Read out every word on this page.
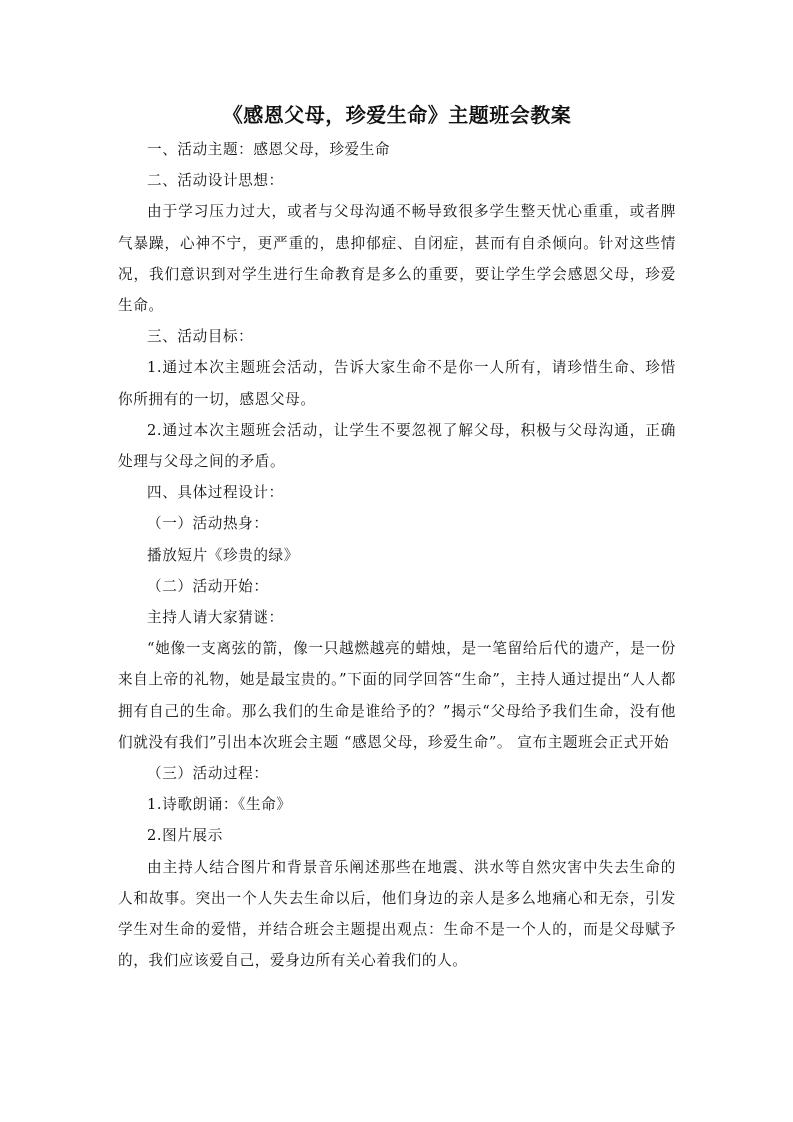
《感恩父母，珍爱生命》主题班会教案

一、活动主题：感恩父母，珍爱生命

二、活动设计思想：

由于学习压力过大，或者与父母沟通不畅导致很多学生整天忧心重重，或者脾气暴躁，心神不宁，更严重的，患抑郁症、自闭症，甚而有自杀倾向。针对这些情况，我们意识到对学生进行生命教育是多么的重要，要让学生学会感恩父母，珍爱生命。

三、活动目标：

1.通过本次主题班会活动，告诉大家生命不是你一人所有，请珍惜生命、珍惜你所拥有的一切，感恩父母。

2.通过本次主题班会活动，让学生不要忽视了解父母，积极与父母沟通，正确处理与父母之间的矛盾。

四、具体过程设计：

（一）活动热身：

播放短片《珍贵的绿》

（二）活动开始：

主持人请大家猜谜：

“她像一支离弦的箭，像一只越燃越亮的蜡烛，是一笔留给后代的遗产，是一份来自上帝的礼物，她是最宝贵的。”下面的同学回答“生命”，主持人通过提出“人人都拥有自己的生命。那么我们的生命是谁给予的？”揭示“父母给予我们生命，没有他们就没有我们”引出本次班会主题 “感恩父母，珍爱生命”。 宣布主题班会正式开始

（三）活动过程：

1.诗歌朗诵：《生命》

2.图片展示

由主持人结合图片和背景音乐阐述那些在地震、洪水等自然灾害中失去生命的人和故事。突出一个人失去生命以后，他们身边的亲人是多么地痛心和无奈，引发学生对生命的爱惜，并结合班会主题提出观点：生命不是一个人的，而是父母赋予的，我们应该爱自己，爱身边所有关心着我们的人。
